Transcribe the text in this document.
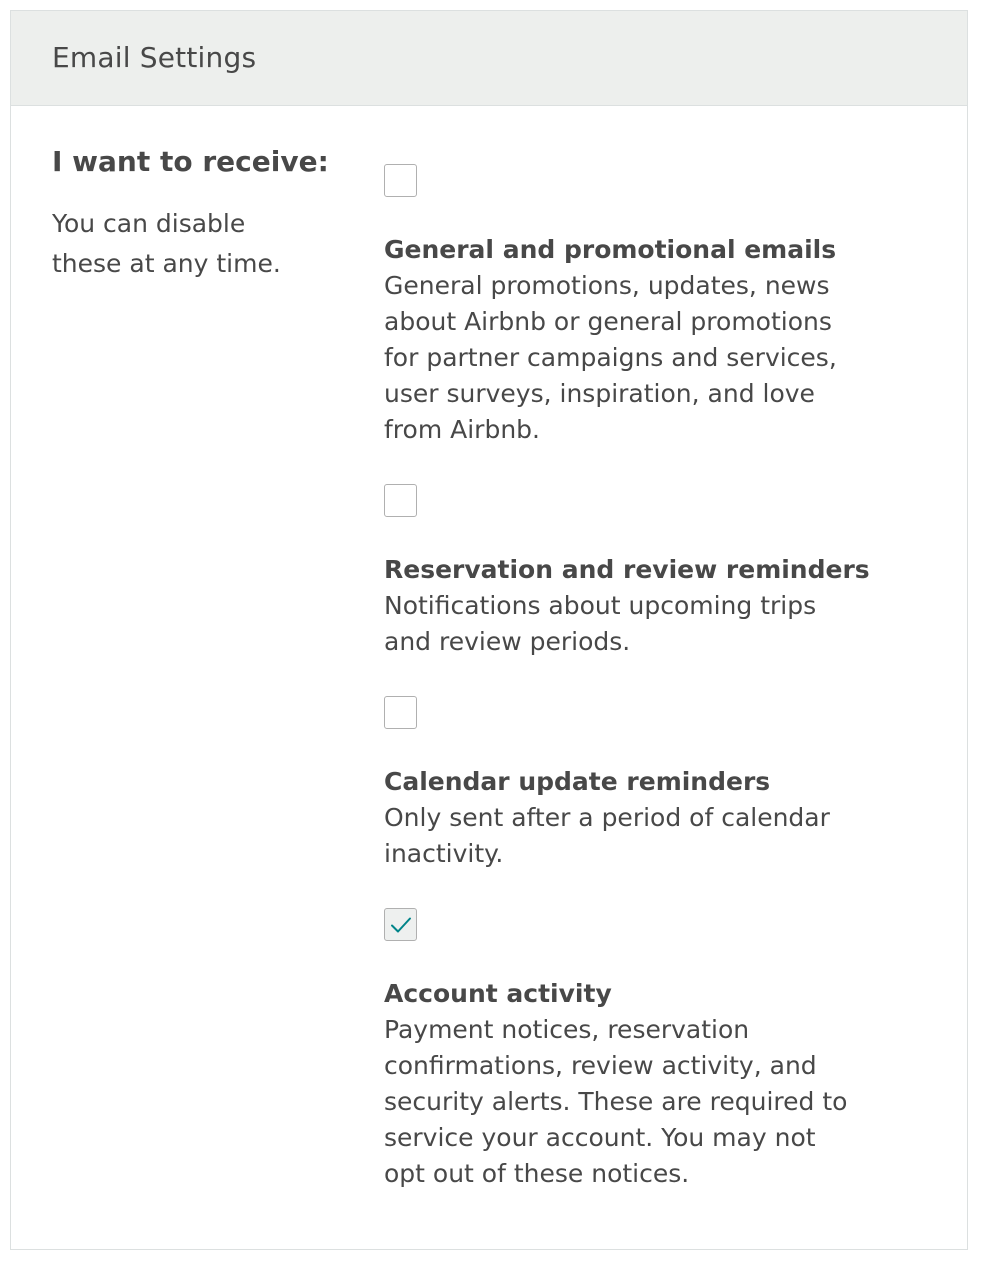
Email Settings
I want to receive:
You can disable
these at any time.	General and promotional emails
General promotions, updates, news
about Airbnb or general promotions
for partner campaigns and services,
user surveys, inspiration, and love
from Airbnb.
Reservation and review reminders
Notifications about upcoming trips
and review periods.
Calendar update reminders
Only sent after a period of calendar
inactivity.
Account activity
Payment notices, reservation
confirmations, review activity, and
security alerts. These are required to
service your account. You may not
opt out of these notices.
